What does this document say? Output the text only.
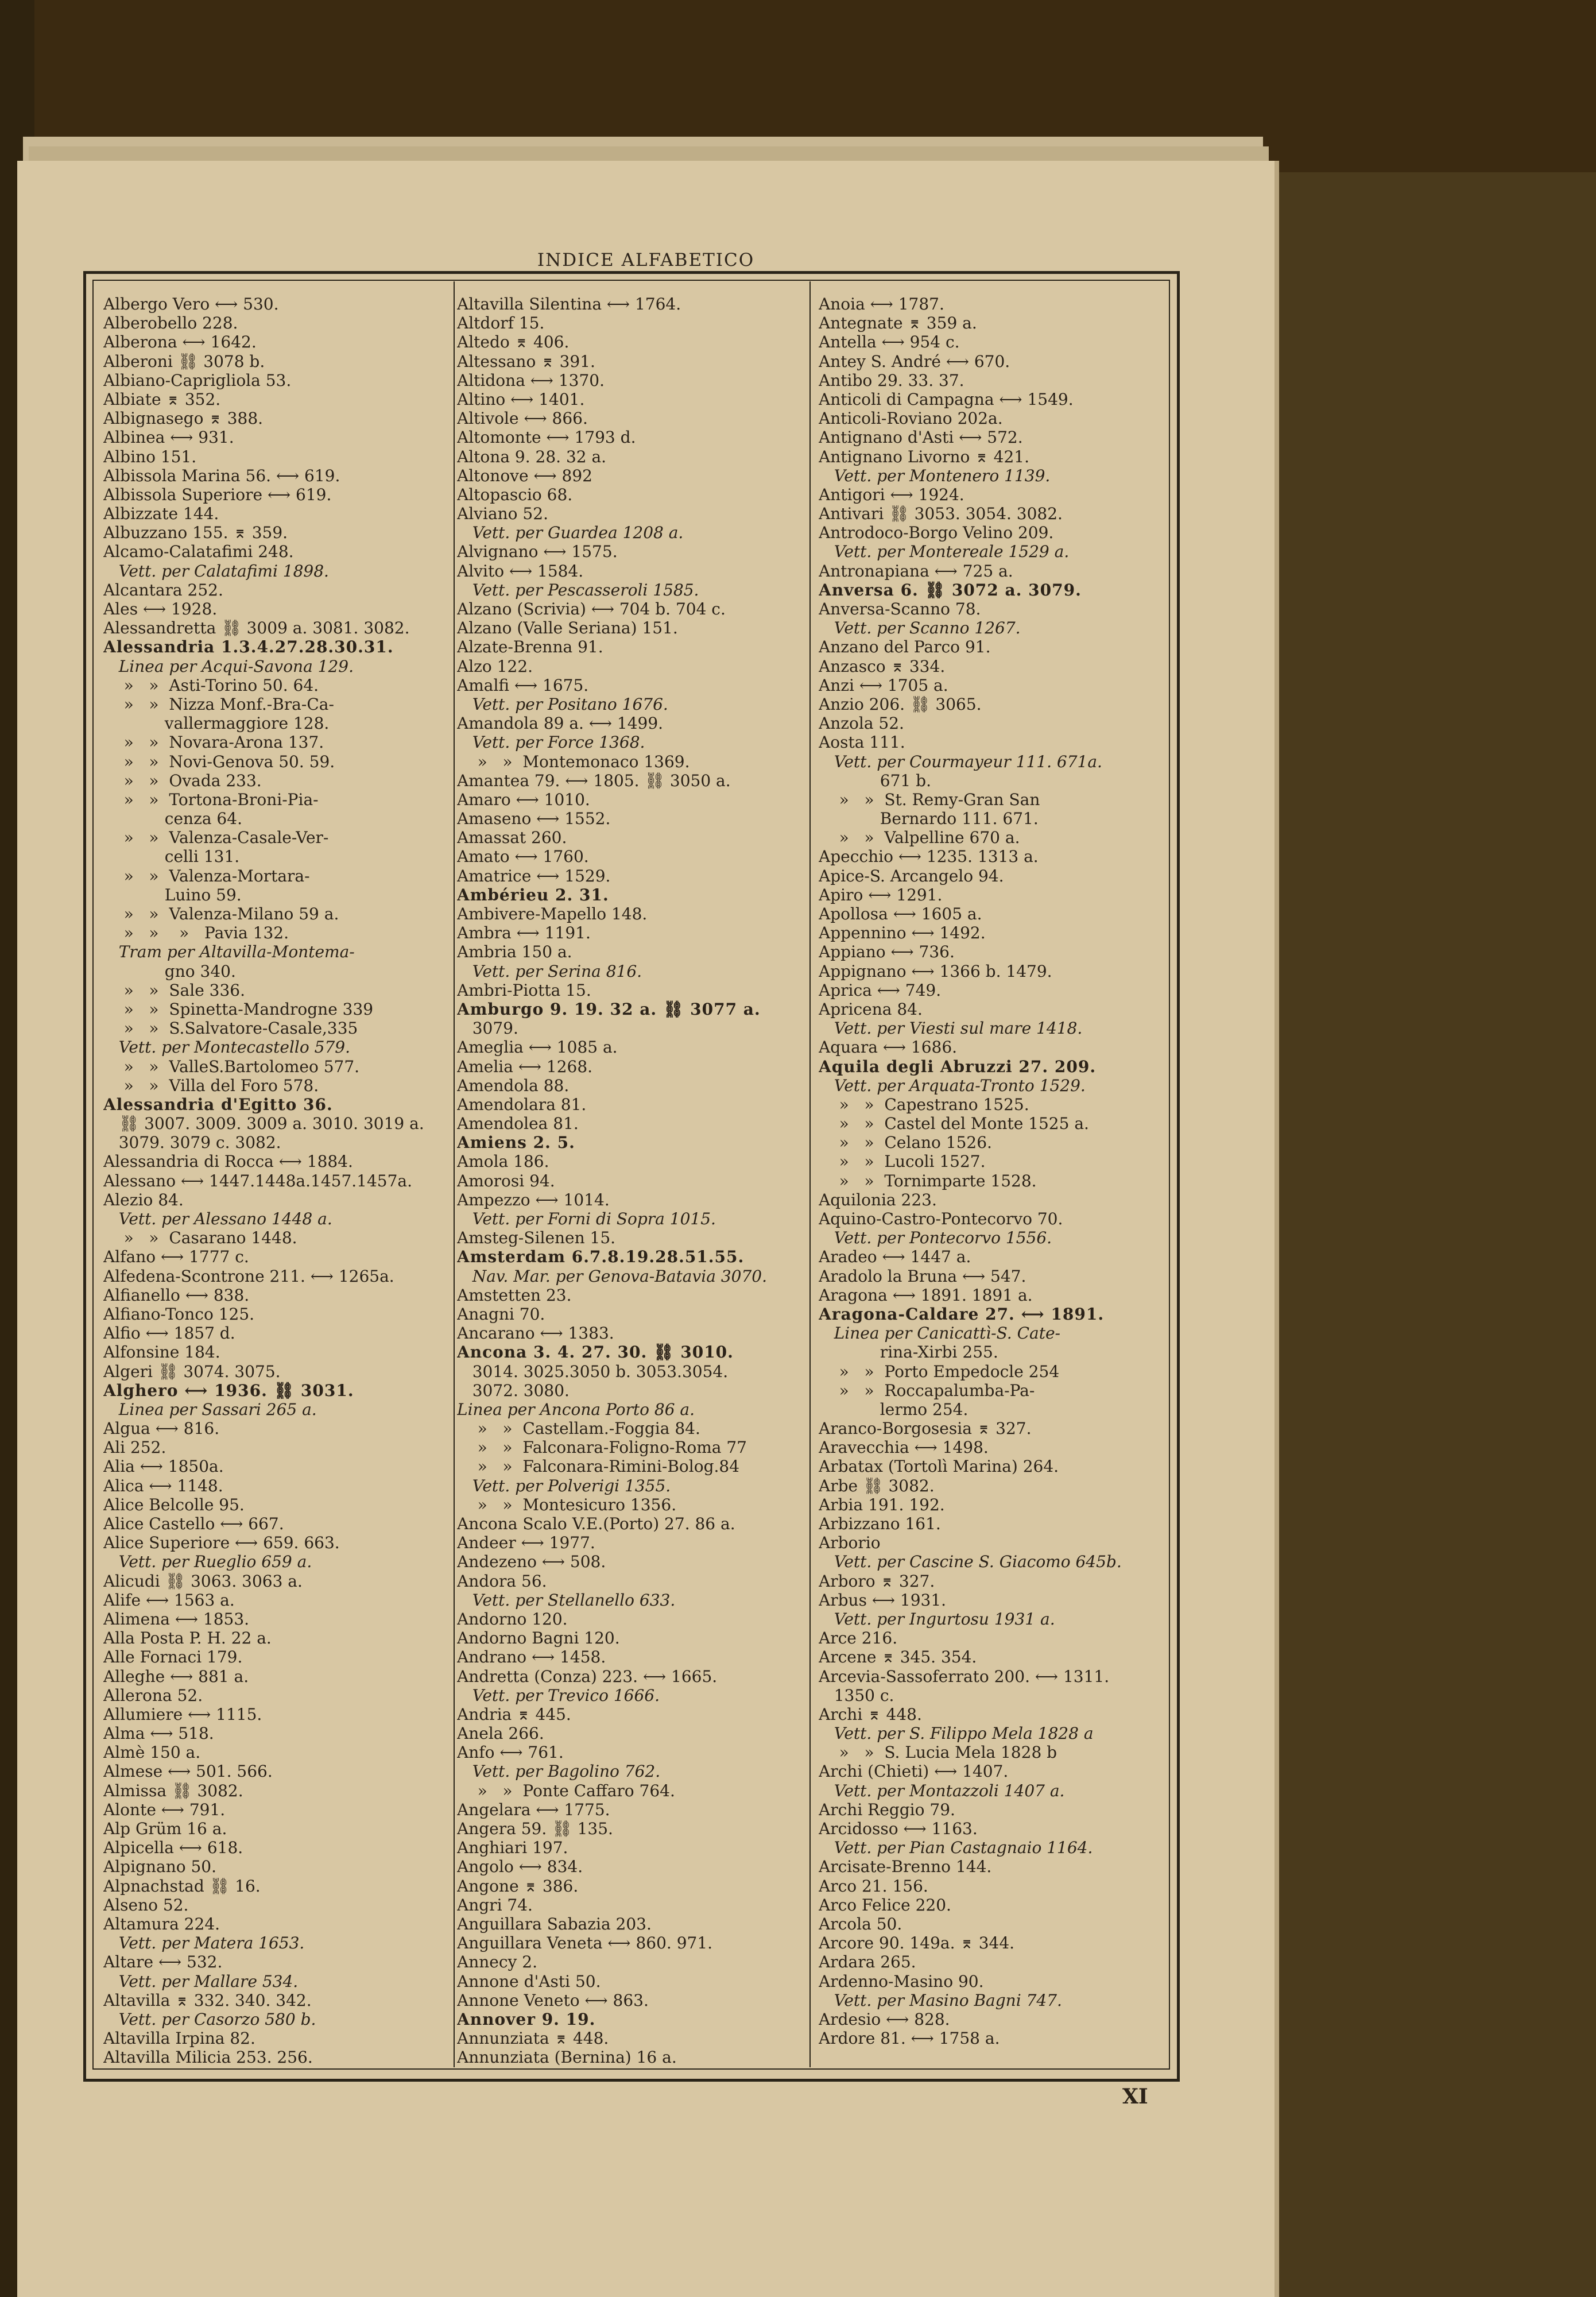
INDICE ALFABETICO
Albergo Vero ⟷ 530.
Alberobello 228.
Alberona ⟷ 1642.
Alberoni ⛓ 3078 b.
Albiano-Caprigliola 53.
Albiate ⌆ 352.
Albignasego ⌆ 388.
Albinea ⟷ 931.
Albino 151.
Albissola Marina 56. ⟷ 619.
Albissola Superiore ⟷ 619.
Albizzate 144.
Albuzzano 155. ⌆ 359.
Alcamo-Calatafimi 248.
Vett. per Calatafimi 1898.
Alcantara 252.
Ales ⟷ 1928.
Alessandretta ⛓ 3009 a. 3081. 3082.
Alessandria 1.3.4.27.28.30.31.
Linea per Acqui-Savona 129.
»   »  Asti-Torino 50. 64.
»   »  Nizza Monf.-Bra-Ca-
vallermaggiore 128.
»   »  Novara-Arona 137.
»   »  Novi-Genova 50. 59.
»   »  Ovada 233.
»   »  Tortona-Broni-Pia-
cenza 64.
»   »  Valenza-Casale-Ver-
celli 131.
»   »  Valenza-Mortara-
Luino 59.
»   »  Valenza-Milano 59 a.
»   »    »   Pavia 132.
Tram per Altavilla-Montema-
gno 340.
»   »  Sale 336.
»   »  Spinetta-Mandrogne 339
»   »  S.Salvatore-Casale,335
Vett. per Montecastello 579.
»   »  ValleS.Bartolomeo 577.
»   »  Villa del Foro 578.
Alessandria d'Egitto 36.
⛓ 3007. 3009. 3009 a. 3010. 3019 a.
3079. 3079 c. 3082.
Alessandria di Rocca ⟷ 1884.
Alessano ⟷ 1447.1448a.1457.1457a.
Alezio 84.
Vett. per Alessano 1448 a.
»   »  Casarano 1448.
Alfano ⟷ 1777 c.
Alfedena-Scontrone 211. ⟷ 1265a.
Alfianello ⟷ 838.
Alfiano-Tonco 125.
Alfio ⟷ 1857 d.
Alfonsine 184.
Algeri ⛓ 3074. 3075.
Alghero ⟷ 1936. ⛓ 3031.
Linea per Sassari 265 a.
Algua ⟷ 816.
Ali 252.
Alia ⟷ 1850a.
Alica ⟷ 1148.
Alice Belcolle 95.
Alice Castello ⟷ 667.
Alice Superiore ⟷ 659. 663.
Vett. per Rueglio 659 a.
Alicudi ⛓ 3063. 3063 a.
Alife ⟷ 1563 a.
Alimena ⟷ 1853.
Alla Posta P. H. 22 a.
Alle Fornaci 179.
Alleghe ⟷ 881 a.
Allerona 52.
Allumiere ⟷ 1115.
Alma ⟷ 518.
Almè 150 a.
Almese ⟷ 501. 566.
Almissa ⛓ 3082.
Alonte ⟷ 791.
Alp Grüm 16 a.
Alpicella ⟷ 618.
Alpignano 50.
Alpnachstad ⛓ 16.
Alseno 52.
Altamura 224.
Vett. per Matera 1653.
Altare ⟷ 532.
Vett. per Mallare 534.
Altavilla ⌆ 332. 340. 342.
Vett. per Casorzo 580 b.
Altavilla Irpina 82.
Altavilla Milicia 253. 256.
Altavilla Silentina ⟷ 1764.
Altdorf 15.
Altedo ⌆ 406.
Altessano ⌆ 391.
Altidona ⟷ 1370.
Altino ⟷ 1401.
Altivole ⟷ 866.
Altomonte ⟷ 1793 d.
Altona 9. 28. 32 a.
Altonove ⟷ 892
Altopascio 68.
Alviano 52.
Vett. per Guardea 1208 a.
Alvignano ⟷ 1575.
Alvito ⟷ 1584.
Vett. per Pescasseroli 1585.
Alzano (Scrivia) ⟷ 704 b. 704 c.
Alzano (Valle Seriana) 151.
Alzate-Brenna 91.
Alzo 122.
Amalfi ⟷ 1675.
Vett. per Positano 1676.
Amandola 89 a. ⟷ 1499.
Vett. per Force 1368.
»   »  Montemonaco 1369.
Amantea 79. ⟷ 1805. ⛓ 3050 a.
Amaro ⟷ 1010.
Amaseno ⟷ 1552.
Amassat 260.
Amato ⟷ 1760.
Amatrice ⟷ 1529.
Ambérieu 2. 31.
Ambivere-Mapello 148.
Ambra ⟷ 1191.
Ambria 150 a.
Vett. per Serina 816.
Ambri-Piotta 15.
Amburgo 9. 19. 32 a. ⛓ 3077 a.
3079.
Ameglia ⟷ 1085 a.
Amelia ⟷ 1268.
Amendola 88.
Amendolara 81.
Amendolea 81.
Amiens 2. 5.
Amola 186.
Amorosi 94.
Ampezzo ⟷ 1014.
Vett. per Forni di Sopra 1015.
Amsteg-Silenen 15.
Amsterdam 6.7.8.19.28.51.55.
Nav. Mar. per Genova-Batavia 3070.
Amstetten 23.
Anagni 70.
Ancarano ⟷ 1383.
Ancona 3. 4. 27. 30. ⛓ 3010.
3014. 3025.3050 b. 3053.3054.
3072. 3080.
Linea per Ancona Porto 86 a.
»   »  Castellam.-Foggia 84.
»   »  Falconara-Foligno-Roma 77
»   »  Falconara-Rimini-Bolog.84
Vett. per Polverigi 1355.
»   »  Montesicuro 1356.
Ancona Scalo V.E.(Porto) 27. 86 a.
Andeer ⟷ 1977.
Andezeno ⟷ 508.
Andora 56.
Vett. per Stellanello 633.
Andorno 120.
Andorno Bagni 120.
Andrano ⟷ 1458.
Andretta (Conza) 223. ⟷ 1665.
Vett. per Trevico 1666.
Andria ⌆ 445.
Anela 266.
Anfo ⟷ 761.
Vett. per Bagolino 762.
»   »  Ponte Caffaro 764.
Angelara ⟷ 1775.
Angera 59. ⛓ 135.
Anghiari 197.
Angolo ⟷ 834.
Angone ⌆ 386.
Angri 74.
Anguillara Sabazia 203.
Anguillara Veneta ⟷ 860. 971.
Annecy 2.
Annone d'Asti 50.
Annone Veneto ⟷ 863.
Annover 9. 19.
Annunziata ⌆ 448.
Annunziata (Bernina) 16 a.
Anoia ⟷ 1787.
Antegnate ⌆ 359 a.
Antella ⟷ 954 c.
Antey S. André ⟷ 670.
Antibo 29. 33. 37.
Anticoli di Campagna ⟷ 1549.
Anticoli-Roviano 202a.
Antignano d'Asti ⟷ 572.
Antignano Livorno ⌆ 421.
Vett. per Montenero 1139.
Antigori ⟷ 1924.
Antivari ⛓ 3053. 3054. 3082.
Antrodoco-Borgo Velino 209.
Vett. per Montereale 1529 a.
Antronapiana ⟷ 725 a.
Anversa 6. ⛓ 3072 a. 3079.
Anversa-Scanno 78.
Vett. per Scanno 1267.
Anzano del Parco 91.
Anzasco ⌆ 334.
Anzi ⟷ 1705 a.
Anzio 206. ⛓ 3065.
Anzola 52.
Aosta 111.
Vett. per Courmayeur 111. 671a.
671 b.
»   »  St. Remy-Gran San
Bernardo 111. 671.
»   »  Valpelline 670 a.
Apecchio ⟷ 1235. 1313 a.
Apice-S. Arcangelo 94.
Apiro ⟷ 1291.
Apollosa ⟷ 1605 a.
Appennino ⟷ 1492.
Appiano ⟷ 736.
Appignano ⟷ 1366 b. 1479.
Aprica ⟷ 749.
Apricena 84.
Vett. per Viesti sul mare 1418.
Aquara ⟷ 1686.
Aquila degli Abruzzi 27. 209.
Vett. per Arquata-Tronto 1529.
»   »  Capestrano 1525.
»   »  Castel del Monte 1525 a.
»   »  Celano 1526.
»   »  Lucoli 1527.
»   »  Tornimparte 1528.
Aquilonia 223.
Aquino-Castro-Pontecorvo 70.
Vett. per Pontecorvo 1556.
Aradeo ⟷ 1447 a.
Aradolo la Bruna ⟷ 547.
Aragona ⟷ 1891. 1891 a.
Aragona-Caldare 27. ⟷ 1891.
Linea per Canicattì-S. Cate-
rina-Xirbi 255.
»   »  Porto Empedocle 254
»   »  Roccapalumba-Pa-
lermo 254.
Aranco-Borgosesia ⌆ 327.
Aravecchia ⟷ 1498.
Arbatax (Tortolì Marina) 264.
Arbe ⛓ 3082.
Arbia 191. 192.
Arbizzano 161.
Arborio
Vett. per Cascine S. Giacomo 645b.
Arboro ⌆ 327.
Arbus ⟷ 1931.
Vett. per Ingurtosu 1931 a.
Arce 216.
Arcene ⌆ 345. 354.
Arcevia-Sassoferrato 200. ⟷ 1311.
1350 c.
Archi ⌆ 448.
Vett. per S. Filippo Mela 1828 a
»   »  S. Lucia Mela 1828 b
Archi (Chieti) ⟷ 1407.
Vett. per Montazzoli 1407 a.
Archi Reggio 79.
Arcidosso ⟷ 1163.
Vett. per Pian Castagnaio 1164.
Arcisate-Brenno 144.
Arco 21. 156.
Arco Felice 220.
Arcola 50.
Arcore 90. 149a. ⌆ 344.
Ardara 265.
Ardenno-Masino 90.
Vett. per Masino Bagni 747.
Ardesio ⟷ 828.
Ardore 81. ⟷ 1758 a.
XI
